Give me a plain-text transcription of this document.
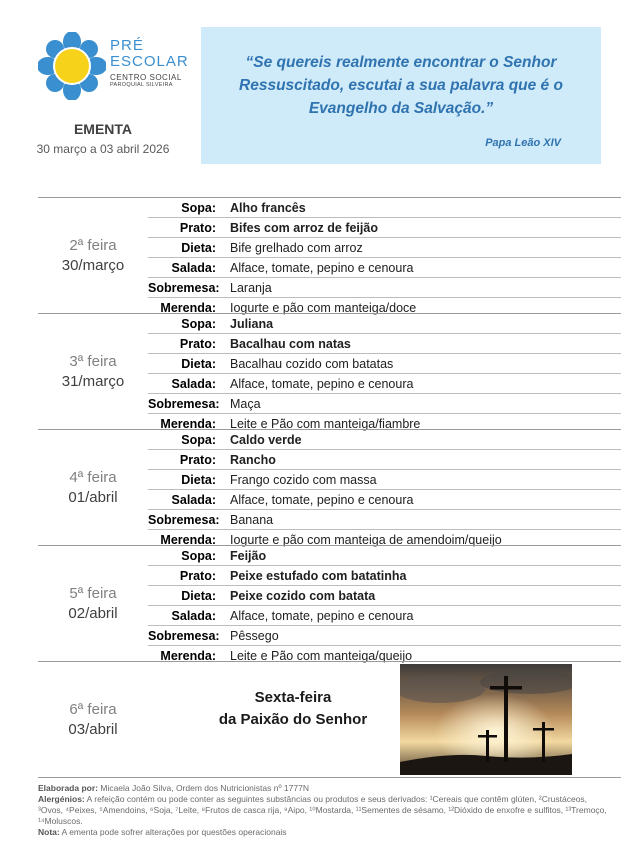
PRÉ
ESCOLAR
CENTRO SOCIAL
PAROQUIAL SILVEIRA
EMENTA
30 março a 03 abril 2026
“Se quereis realmente encontrar o Senhor Ressuscitado, escutai a sua palavra que é o Evangelho da Salvação.”
Papa Leão XIV
2ª feira
30/março
Sopa:	Alho francês
Prato:	Bifes com arroz de feijão
Dieta:	Bife grelhado com arroz
Salada:	Alface, tomate, pepino e cenoura
Sobremesa: Laranja
Merenda:	Iogurte e pão com manteiga/doce
3ª feira
31/março
Sopa:	Juliana
Prato:	Bacalhau com natas
Dieta:	Bacalhau cozido com batatas
Salada:	Alface, tomate, pepino e cenoura
Sobremesa: Maça
Merenda:	Leite e Pão com manteiga/fiambre
4ª feira
01/abril
Sopa:	Caldo verde
Prato:	Rancho
Dieta:	Frango cozido com massa
Salada:	Alface, tomate, pepino e cenoura
Sobremesa: Banana
Merenda:	Iogurte e pão com manteiga de amendoim/queijo
5ª feira
02/abril
Sopa:	Feijão
Prato:	Peixe estufado com batatinha
Dieta:	Peixe cozido com batata
Salada:	Alface, tomate, pepino e cenoura
Sobremesa: Pêssego
Merenda:	Leite e Pão com manteiga/queijo
6ª feira
03/abril
Sexta-feira
da Paixão do Senhor
Elaborada por: Micaela João Silva, Ordem dos Nutricionistas nº 1777N
Alergénios: A refeição contém ou pode conter as seguintes substâncias ou produtos e seus derivados: ¹Cereais que contêm glúten, ²Crustáceos, ³Ovos, ⁴Peixes, ⁵Amendoins, ⁶Soja, ⁷Leite, ⁸Frutos de casca rija, ⁹Aipo, ¹⁰Mostarda, ¹¹Sementes de sésamo, ¹²Dióxido de enxofre e sulfitos, ¹³Tremoço, ¹⁴Moluscos.
Nota: A ementa pode sofrer alterações por questões operacionais
